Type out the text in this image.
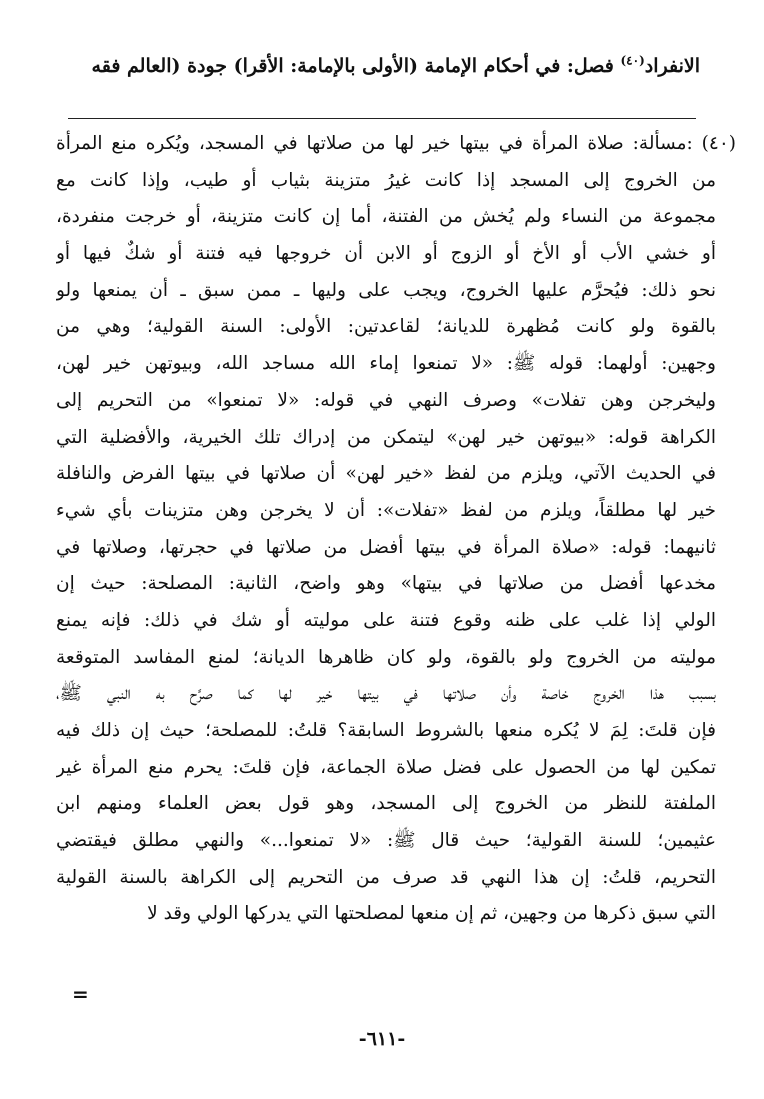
الانفراد$^{(٤٠)}$ فصل: في أحكام الإمامة (الأولى بالإمامة: الأقرا) جودة (العالم فقه
(٤٠) :مسألة: صلاة المرأة في بيتها خير لها من صلاتها في المسجد، ويُكره منع المرأة
من الخروج إلى المسجد إذا كانت غيرُ متزينة بثياب أو طيب، وإذا كانت مع
مجموعة من النساء ولم يُخش من الفتنة، أما إن كانت متزينة، أو خرجت منفردة،
أو خشي الأب أو الأخ أو الزوج أو الابن أن خروجها فيه فتنة أو شكٌ فيها أو
نحو ذلك: فيُحرَّم عليها الخروج، ويجب على وليها ـ ممن سبق ـ أن يمنعها ولو
بالقوة ولو كانت مُظهرة للديانة؛ لقاعدتين: الأولى: السنة القولية؛ وهي من
وجهين: أولهما: قوله ﷺ: «لا تمنعوا إماء الله مساجد الله، وبيوتهن خير لهن،
وليخرجن وهن تفلات» وصرف النهي في قوله: «لا تمنعوا» من التحريم إلى
الكراهة قوله: «بيوتهن خير لهن» ليتمكن من إدراك تلك الخيرية، والأفضلية التي
في الحديث الآتي، ويلزم من لفظ «خير لهن» أن صلاتها في بيتها الفرض والنافلة
خير لها مطلقاً، ويلزم من لفظ «تفلات»: أن لا يخرجن وهن متزينات بأي شيء
ثانيهما: قوله: «صلاة المرأة في بيتها أفضل من صلاتها في حجرتها، وصلاتها في
مخدعها أفضل من صلاتها في بيتها» وهو واضح، الثانية: المصلحة: حيث إن
الولي إذا غلب على ظنه وقوع فتنة على موليته أو شك في ذلك: فإنه يمنع
موليته من الخروج ولو بالقوة، ولو كان ظاهرها الديانة؛ لمنع المفاسد المتوقعة
بسبب هذا الخروج خاصة وأن صلاتها في بيتها خير لها كما صرَّح به النبي ﷺ،
فإن قلتَ: لِمَ لا يُكره منعها بالشروط السابقة؟ قلتُ: للمصلحة؛ حيث إن ذلك فيه
تمكين لها من الحصول على فضل صلاة الجماعة، فإن قلتَ: يحرم منع المرأة غير
الملفتة للنظر من الخروج إلى المسجد، وهو قول بعض العلماء ومنهم ابن
عثيمين؛ للسنة القولية؛ حيث قال ﷺ: «لا تمنعوا...» والنهي مطلق فيقتضي
التحريم، قلتُ: إن هذا النهي قد صرف من التحريم إلى الكراهة بالسنة القولية
التي سبق ذكرها من وجهين، ثم إن منعها لمصلحتها التي يدركها الولي وقد لا
=
-٦١١-
